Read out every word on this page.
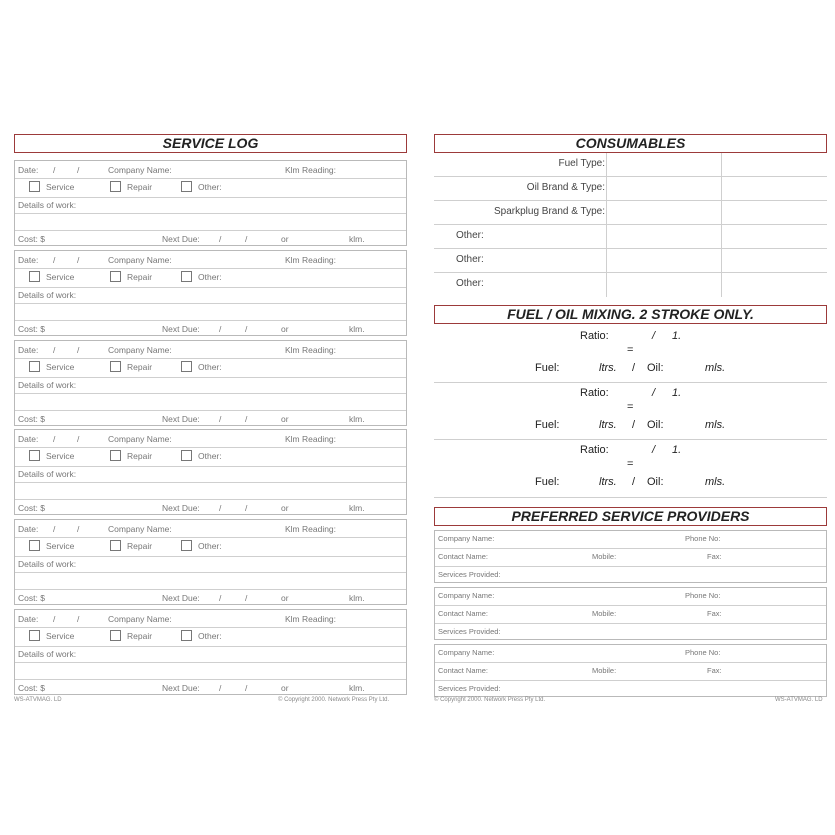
SERVICE LOG
Date: /	/	Company Name:	Klm Reading:
Service	Repair	Other:
Details of work:
Cost: $	Next Due: /	/	or	klm.
Date: /	/	Company Name:	Klm Reading:
Service	Repair	Other:
Details of work:
Cost: $	Next Due: /	/	or	klm.
Date: /	/	Company Name:	Klm Reading:
Service	Repair	Other:
Details of work:
Cost: $	Next Due: /	/	or	klm.
Date: /	/	Company Name:	Klm Reading:
Service	Repair	Other:
Details of work:
Cost: $	Next Due: /	/	or	klm.
Date: /	/	Company Name:	Klm Reading:
Service	Repair	Other:
Details of work:
Cost: $	Next Due: /	/	or	klm.
Date: /	/	Company Name:	Klm Reading:
Service	Repair	Other:
Details of work:
Cost: $	Next Due: /	/	or	klm.
CONSUMABLES
Fuel Type:
Oil Brand & Type:
Sparkplug Brand & Type:
Other:
Other:
Other:
FUEL / OIL MIXING. 2 STROKE ONLY.
Ratio:	/ 1.
=
Fuel:	ltrs. / Oil:	mls.
Ratio:	/ 1.
=
Fuel:	ltrs. / Oil:	mls.
Ratio:	/ 1.
=
Fuel:	ltrs. / Oil:	mls.
PREFERRED SERVICE PROVIDERS
Company Name:	Phone No:
Contact Name:	Mobile:	Fax:
Services Provided:
Company Name:	Phone No:
Contact Name:	Mobile:	Fax:
Services Provided:
Company Name:	Phone No:
Contact Name:	Mobile:	Fax:
Services Provided:
WS-ATVMAG. LD	© Copyright 2000. Network Press Pty Ltd.	© Copyright 2000. Network Press Pty Ltd.	WS-ATVMAG. LD
